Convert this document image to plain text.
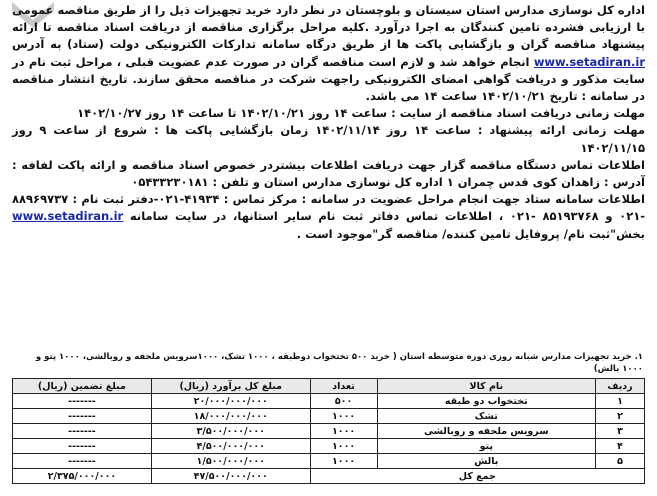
اداره کل نوسازی مدارس استان سیستان و بلوچستان در نظر دارد خرید تجهیزات ذیل را از طریق مناقصه عمومی با ارزیابی فشرده تامین کنندگان به اجرا درآورد .کلیه مراحل برگزاری مناقصه از دریافت اسناد مناقصه تا ارائه پیشنهاد مناقصه گران و بازگشایی پاکت ها از طریق درگاه سامانه تدارکات الکترونیکی دولت (ستاد) به آدرس www.setadiran.ir انجام خواهد شد و لازم است مناقصه گران در صورت عدم عضویت قبلی ، مراحل ثبت نام در سایت مذکور و دریافت گواهی امضای الکترونیکی راجهت شرکت در مناقصه محقق سازند. تاریخ انتشار مناقصه در سامانه : تاریخ ۱۴۰۲/۱۰/۲۱ ساعت ۱۴ می باشد.

مهلت زمانی دریافت اسناد مناقصه از سایت : ساعت ۱۴ روز ۱۴۰۲/۱۰/۲۱ تا ساعت ۱۴ روز ۱۴۰۲/۱۰/۲۷

مهلت زمانی ارائه پیشنهاد : ساعت ۱۴ روز ۱۴۰۲/۱۱/۱۴ زمان بازگشایی پاکت ها : شروع از ساعت ۹ روز ۱۴۰۲/۱۱/۱۵

اطلاعات تماس دستگاه مناقصه گزار جهت دریافت اطلاعات بیشتردر خصوص اسناد مناقصه و ارائه پاکت لفافه : آدرس : زاهدان کوی قدس چمران ۱ اداره کل نوسازی مدارس استان و تلفن : ۰۵۴۳۳۲۳۰۱۸۱

اطلاعات سامانه ستاد جهت انجام مراحل عضویت در سامانه : مرکز تماس : ۴۱۹۳۴-۰۲۱-دفتر ثبت نام : ۸۸۹۶۹۷۳۷ -۰۲۱ و ۸۵۱۹۳۷۶۸ -۰۲۱ ، اطلاعات تماس دفاتر ثبت نام سایر استانها، در سایت سامانه www.setadiran.ir بخش"ثبت نام/ پروفایل تامین کننده/ مناقصه گر"موجود است .

۱. خرید تجهیزات مدارس شبانه روزی دوره متوسطه استان ( خرید ۵۰۰ تختخواب دوطبقه ، ۱۰۰۰ تشک، ۱۰۰۰سرویس ملحفه و روبالشی، ۱۰۰۰ پتو و ۱۰۰۰ بالش)
ردیف	نام کالا	تعداد	مبلغ کل برآورد (ریال)	مبلغ تضمین (ریال)
۱	تختخواب دو طبقه	۵۰۰	۲۰/۰۰۰/۰۰۰/۰۰۰	-------
۲	تشک	۱۰۰۰	۱۸/۰۰۰/۰۰۰/۰۰۰	-------
۳	سرویس ملحفه و روبالشی	۱۰۰۰	۳/۵۰۰/۰۰۰/۰۰۰	-------
۴	پتو	۱۰۰۰	۴/۵۰۰/۰۰۰/۰۰۰	-------
۵	بالش	۱۰۰۰	۱/۵۰۰/۰۰۰/۰۰۰	-------
جمع کل			۴۷/۵۰۰/۰۰۰/۰۰۰	۲/۳۷۵/۰۰۰/۰۰۰
